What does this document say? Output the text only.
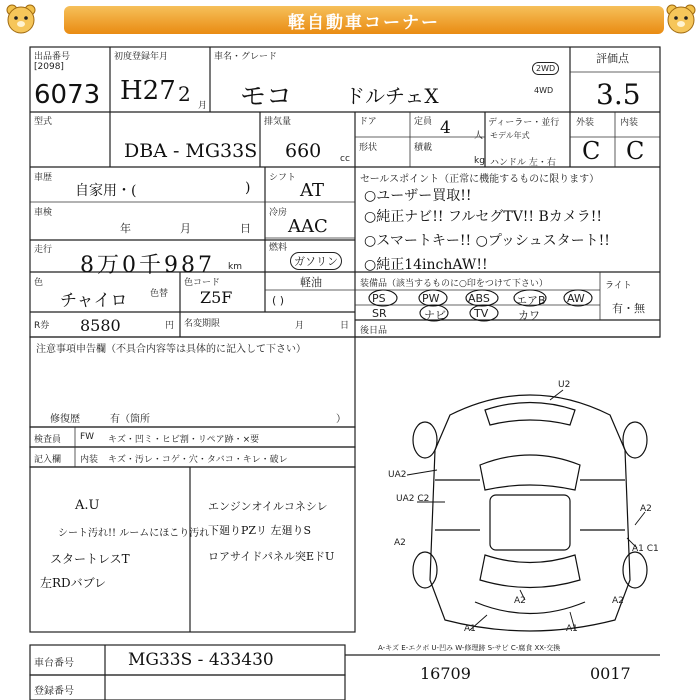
軽自動車コーナー
出品番号
[2098]
6073
初度登録年月
H27 2 月
車名・グレード
モコ	ドルチェX
2WD
4WD
評価点
3.5
型式
DBA - MG33S
排気量
660 cc
ドア	定員 4	人
形状	積載
kg
ディーラー・並行
モデル年式
ハンドル 左・右
外装	内装
C C
車歴
自家用・(	)
車検
年	月	日
走行
8万0千987 km
色
チャイロ	色替
色コード
Z5F
R券 8580	円 名変期限	月	日
シフト
AT
冷房
AAC
燃料
ガソリン
軽油
( )
セールスポイント（正常に機能するものに限ります）
○ユーザー買取!!
○純正ナビ!! フルセグTV!! Bカメラ!!
○スマートキー!! ○プッシュスタート!!
○純正14inchAW!!
装備品（該当するものに○印をつけて下さい）
PS	PW	ABS エアB AW
SR	ナビ	TV	カワ
ライト
有・無
後日品
注意事項申告欄（不具合内容等は具体的に記入して下さい）
修復歴	有（箇所	）
検査員
記入欄
FW
内装
キズ・凹ミ・ヒビ割・リペア跡・×要
キズ・汚レ・コゲ・穴・タバコ・キレ・破レ
A.U
シート汚れ!! ルームにほこり汚れ
スタートレスT
左RDバブレ
エンジンオイルコネシレ
下廻りPZリ 左廻りS
ロアサイドパネル突EドU
U2
UA2
UA2 C2
A2
A2
A1 C1
A2	A2
A1	A1
A-キズ E-エクボ U-凹み W-修理跡 S-サビ C-腐食 XX-交換
車台番号	MG33S - 433430
登録番号
16709	0017
